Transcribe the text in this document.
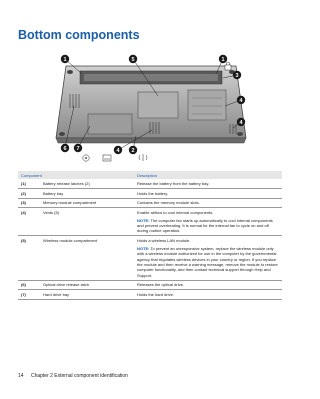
Bottom components
1	5	1
3
4
4
6 7	4 2
Component		Description
(1)	Battery release latches (2)	Release the battery from the battery bay.
(2)	Battery bay	Holds the battery.
(3)	Memory module compartment	Contains the memory module slots.
(4)	Vents (5)	Enable airflow to cool internal components.
NOTE: The computer fan starts up automatically to cool internal components and prevent overheating. It is normal for the internal fan to cycle on and off during routine operation.

(5)	Wireless module compartment	Holds a wireless LAN module.
NOTE: To prevent an unresponsive system, replace the wireless module only with a wireless module authorized for use in the computer by the governmental agency that regulates wireless devices in your country or region. If you replace the module and then receive a warning message, remove the module to restore computer functionality, and then contact technical support through Help and Support.

(6)	Optical drive release latch	Releases the optical drive.
(7)	Hard drive bay	Holds the hard drive.
14 Chapter 2 External component identification
